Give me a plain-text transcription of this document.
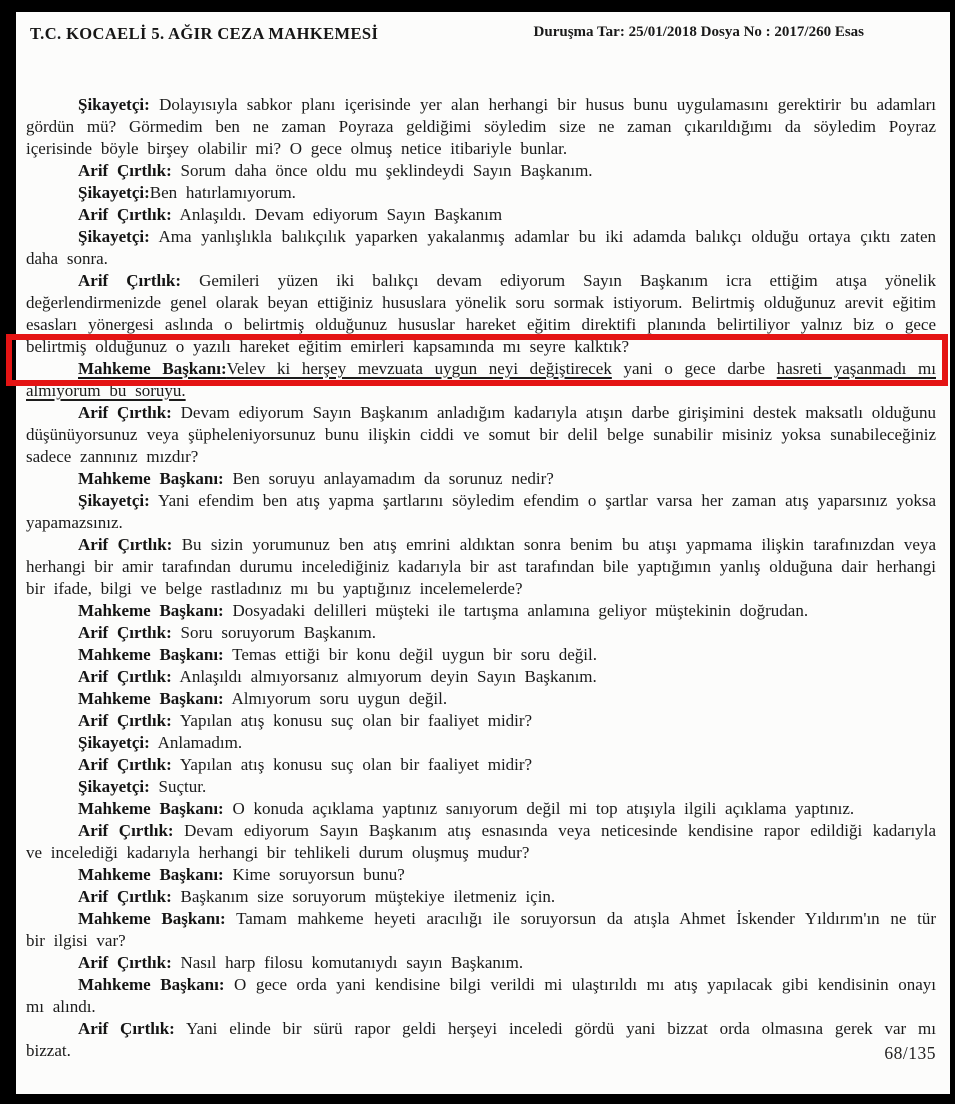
T.C. KOCAELİ 5. AĞIR CEZA MAHKEMESİ	Duruşma Tar: 25/01/2018 Dosya No : 2017/260 Esas

Şikayetçi: Dolayısıyla sabkor planı içerisinde yer alan herhangi bir husus bunu uygulamasını gerektirir bu adamları gördün mü? Görmedim ben ne zaman Poyraza geldiğimi söyledim size ne zaman çıkarıldığımı da söyledim Poyraz içerisinde böyle birşey olabilir mi? O gece olmuş netice itibariyle bunlar.

Arif Çırtlık: Sorum daha önce oldu mu şeklindeydi Sayın Başkanım.

Şikayetçi:Ben hatırlamıyorum.

Arif Çırtlık: Anlaşıldı. Devam ediyorum Sayın Başkanım

Şikayetçi: Ama yanlışlıkla balıkçılık yaparken yakalanmış adamlar bu iki adamda balıkçı olduğu ortaya çıktı zaten daha sonra.

Arif Çırtlık: Gemileri yüzen iki balıkçı devam ediyorum Sayın Başkanım icra ettiğim atışa yönelik değerlendirmenizde genel olarak beyan ettiğiniz hususlara yönelik soru sormak istiyorum. Belirtmiş olduğunuz arevit eğitim esasları yönergesi aslında o belirtmiş olduğunuz hususlar hareket eğitim direktifi planında belirtiliyor yalnız biz o gece belirtmiş olduğunuz o yazılı hareket eğitim emirleri kapsamında mı seyre kalktık?

Mahkeme Başkanı:Velev ki herşey mevzuata uygun neyi değiştirecek yani o gece darbe hasreti yaşanmadı mı almıyorum bu soruyu.

Arif Çırtlık: Devam ediyorum Sayın Başkanım anladığım kadarıyla atışın darbe girişimini destek maksatlı olduğunu düşünüyorsunuz veya şüpheleniyorsunuz bunu ilişkin ciddi ve somut bir delil belge sunabilir misiniz yoksa sunabileceğiniz sadece zannınız mızdır?

Mahkeme Başkanı: Ben soruyu anlayamadım da sorunuz nedir?

Şikayetçi: Yani efendim ben atış yapma şartlarını söyledim efendim o şartlar varsa her zaman atış yaparsınız yoksa yapamazsınız.

Arif Çırtlık: Bu sizin yorumunuz ben atış emrini aldıktan sonra benim bu atışı yapmama ilişkin tarafınızdan veya herhangi bir amir tarafından durumu incelediğiniz kadarıyla bir ast tarafından bile yaptığımın yanlış olduğuna dair herhangi bir ifade, bilgi ve belge rastladınız mı bu yaptığınız incelemelerde?

Mahkeme Başkanı: Dosyadaki delilleri müşteki ile tartışma anlamına geliyor müştekinin doğrudan.

Arif Çırtlık: Soru soruyorum Başkanım.

Mahkeme Başkanı: Temas ettiği bir konu değil uygun bir soru değil.

Arif Çırtlık: Anlaşıldı almıyorsanız almıyorum deyin Sayın Başkanım.

Mahkeme Başkanı: Almıyorum soru uygun değil.

Arif Çırtlık: Yapılan atış konusu suç olan bir faaliyet midir?

Şikayetçi: Anlamadım.

Arif Çırtlık: Yapılan atış konusu suç olan bir faaliyet midir?

Şikayetçi: Suçtur.

Mahkeme Başkanı: O konuda açıklama yaptınız sanıyorum değil mi top atışıyla ilgili açıklama yaptınız.

Arif Çırtlık: Devam ediyorum Sayın Başkanım atış esnasında veya neticesinde kendisine rapor edildiği kadarıyla ve incelediği kadarıyla herhangi bir tehlikeli durum oluşmuş mudur?

Mahkeme Başkanı: Kime soruyorsun bunu?

Arif Çırtlık: Başkanım size soruyorum müştekiye iletmeniz için.

Mahkeme Başkanı: Tamam mahkeme heyeti aracılığı ile soruyorsun da atışla Ahmet İskender Yıldırım'ın ne tür bir ilgisi var?

Arif Çırtlık: Nasıl harp filosu komutanıydı sayın Başkanım.

Mahkeme Başkanı: O gece orda yani kendisine bilgi verildi mi ulaştırıldı mı atış yapılacak gibi kendisinin onayı mı alındı.

Arif Çırtlık: Yani elinde bir sürü rapor geldi herşeyi inceledi gördü yani bizzat orda olmasına gerek var mı bizzat.	68/135
